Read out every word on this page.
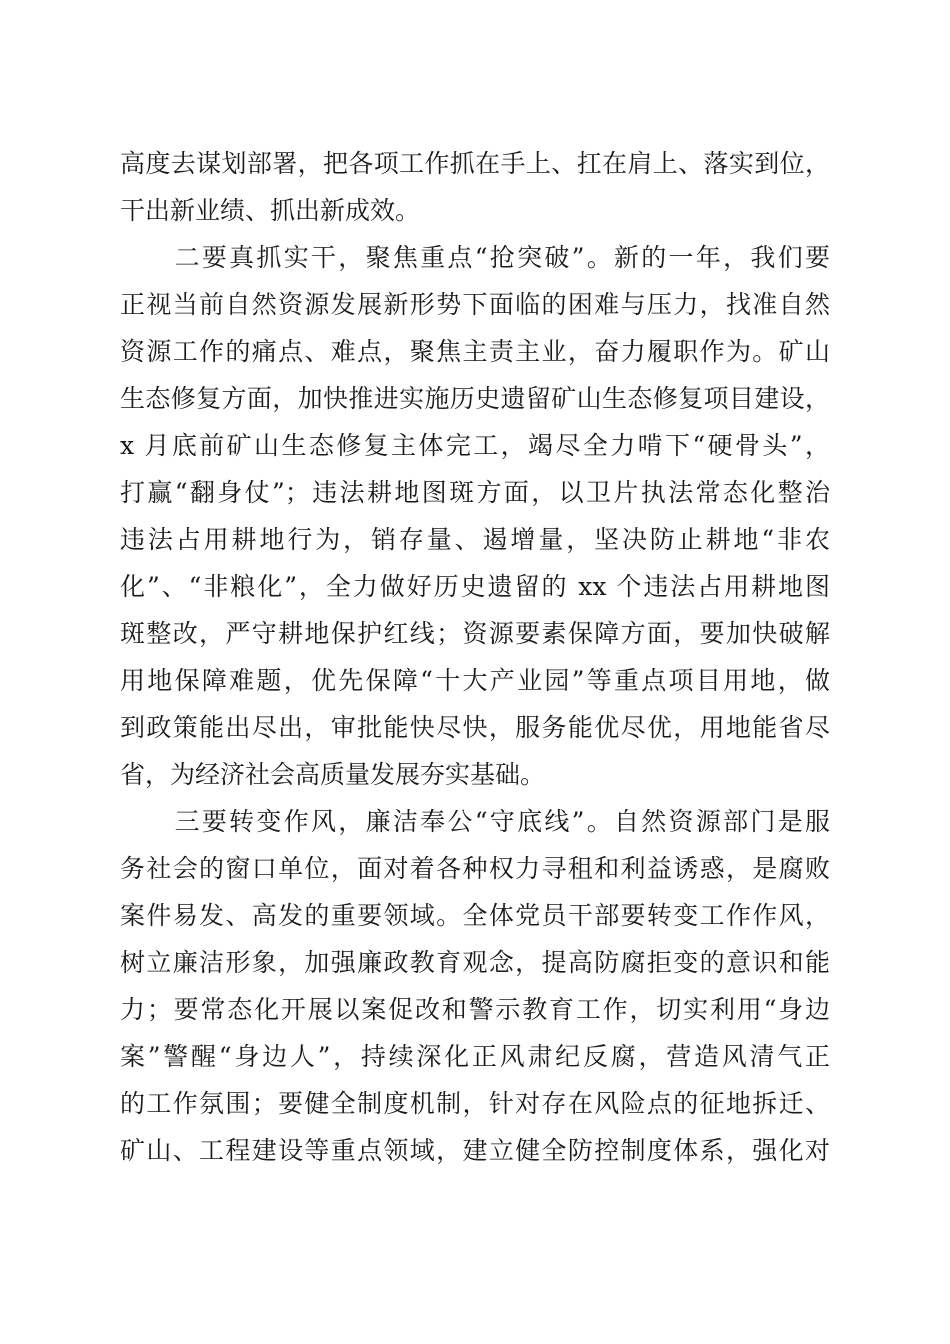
高度去谋划部署，把各项工作抓在手上、扛在肩上、落实到位，
干出新业绩、抓出新成效。
　　二要真抓实干，聚焦重点“抢突破”。新的一年，我们要
正视当前自然资源发展新形势下面临的困难与压力，找准自然
资源工作的痛点、难点，聚焦主责主业，奋力履职作为。矿山
生态修复方面，加快推进实施历史遗留矿山生态修复项目建设，
x 月底前矿山生态修复主体完工，竭尽全力啃下“硬骨头”，
打赢“翻身仗”；违法耕地图斑方面，以卫片执法常态化整治
违法占用耕地行为，销存量、遏增量，坚决防止耕地“非农
化”、“非粮化”，全力做好历史遗留的 xx 个违法占用耕地图
斑整改，严守耕地保护红线；资源要素保障方面，要加快破解
用地保障难题，优先保障“十大产业园”等重点项目用地，做
到政策能出尽出，审批能快尽快，服务能优尽优，用地能省尽
省，为经济社会高质量发展夯实基础。
　　三要转变作风，廉洁奉公“守底线”。自然资源部门是服
务社会的窗口单位，面对着各种权力寻租和利益诱惑，是腐败
案件易发、高发的重要领域。全体党员干部要转变工作作风，
树立廉洁形象，加强廉政教育观念，提高防腐拒变的意识和能
力；要常态化开展以案促改和警示教育工作，切实利用“身边
案”警醒“身边人”，持续深化正风肃纪反腐，营造风清气正
的工作氛围；要健全制度机制，针对存在风险点的征地拆迁、
矿山、工程建设等重点领域，建立健全防控制度体系，强化对
